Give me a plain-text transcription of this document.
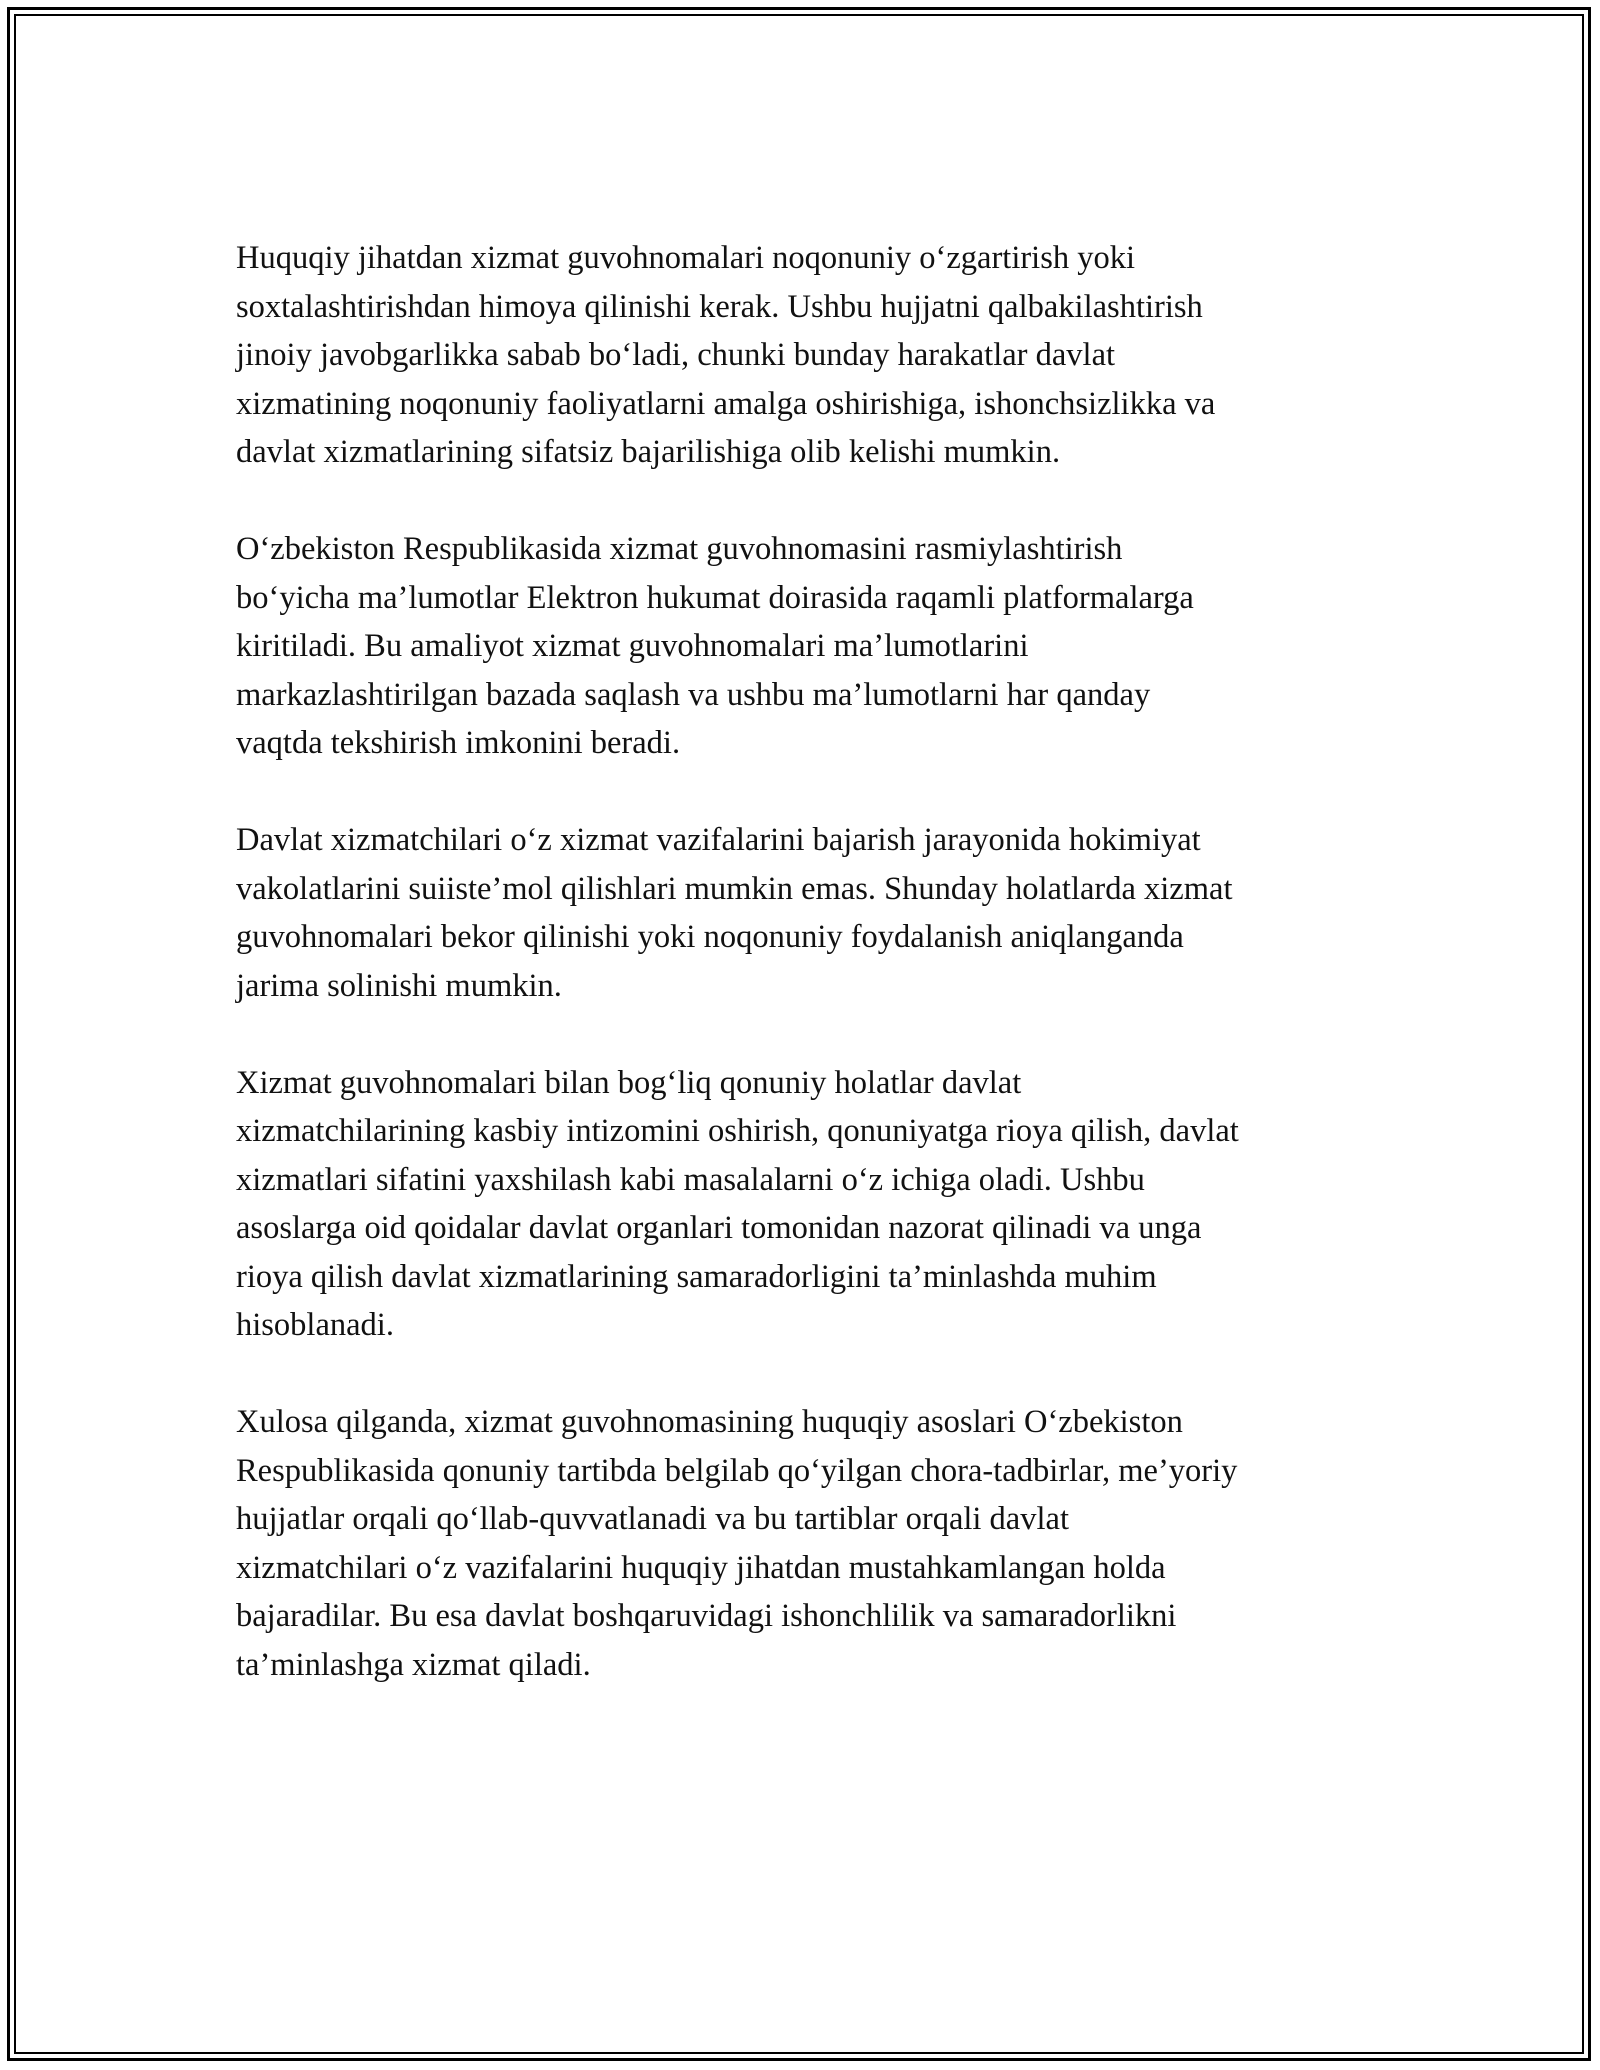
Huquqiy jihatdan xizmat guvohnomalari noqonuniy o‘zgartirish yoki
soxtalashtirishdan himoya qilinishi kerak. Ushbu hujjatni qalbakilashtirish
jinoiy javobgarlikka sabab bo‘ladi, chunki bunday harakatlar davlat
xizmatining noqonuniy faoliyatlarni amalga oshirishiga, ishonchsizlikka va
davlat xizmatlarining sifatsiz bajarilishiga olib kelishi mumkin.

O‘zbekiston Respublikasida xizmat guvohnomasini rasmiylashtirish
bo‘yicha ma’lumotlar Elektron hukumat doirasida raqamli platformalarga
kiritiladi. Bu amaliyot xizmat guvohnomalari ma’lumotlarini
markazlashtirilgan bazada saqlash va ushbu ma’lumotlarni har qanday
vaqtda tekshirish imkonini beradi.

Davlat xizmatchilari o‘z xizmat vazifalarini bajarish jarayonida hokimiyat
vakolatlarini suiiste’mol qilishlari mumkin emas. Shunday holatlarda xizmat
guvohnomalari bekor qilinishi yoki noqonuniy foydalanish aniqlanganda
jarima solinishi mumkin.

Xizmat guvohnomalari bilan bog‘liq qonuniy holatlar davlat
xizmatchilarining kasbiy intizomini oshirish, qonuniyatga rioya qilish, davlat
xizmatlari sifatini yaxshilash kabi masalalarni o‘z ichiga oladi. Ushbu
asoslarga oid qoidalar davlat organlari tomonidan nazorat qilinadi va unga
rioya qilish davlat xizmatlarining samaradorligini ta’minlashda muhim
hisoblanadi.

Xulosa qilganda, xizmat guvohnomasining huquqiy asoslari O‘zbekiston
Respublikasida qonuniy tartibda belgilab qo‘yilgan chora-tadbirlar, me’yoriy
hujjatlar orqali qo‘llab-quvvatlanadi va bu tartiblar orqali davlat
xizmatchilari o‘z vazifalarini huquqiy jihatdan mustahkamlangan holda
bajaradilar. Bu esa davlat boshqaruvidagi ishonchlilik va samaradorlikni
ta’minlashga xizmat qiladi.
